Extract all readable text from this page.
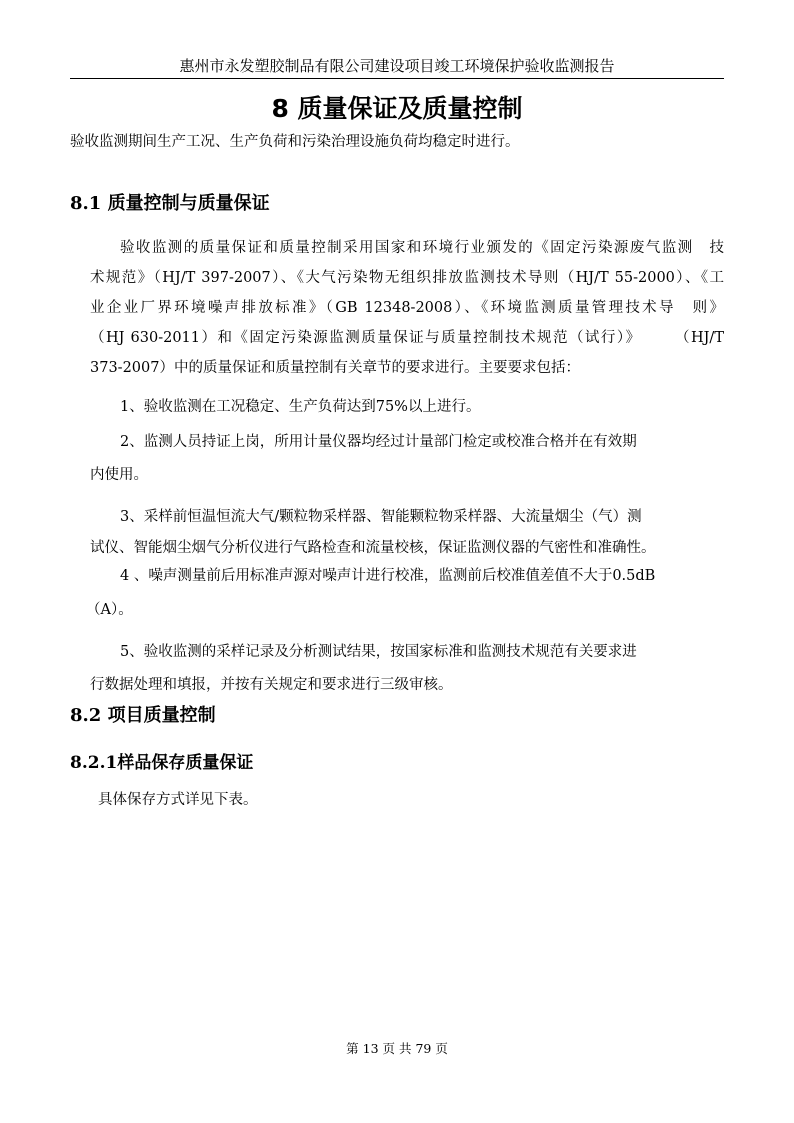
惠州市永发塑胶制品有限公司建设项目竣工环境保护验收监测报告
8 质量保证及质量控制
验收监测期间生产工况、生产负荷和污染治理设施负荷均稳定时进行。
8.1 质量控制与质量保证
验收监测的质量保证和质量控制采用国家和环境行业颁发的《固定污染源废气监测　技
术规范》（HJ/T 397-2007）、《大气污染物无组织排放监测技术导则（HJ/T 55-2000）、《工
业企业厂界环境噪声排放标准》（GB 12348-2008）、《环境监测质量管理技术导　则》
（HJ 630-2011）和《固定污染源监测质量保证与质量控制技术规范（试行）》　　　（HJ/T
373-2007）中的质量保证和质量控制有关章节的要求进行。主要要求包括：
1、验收监测在工况稳定、生产负荷达到75%以上进行。
2、监测人员持证上岗，所用计量仪器均经过计量部门检定或校准合格并在有效期
内使用。
3、采样前恒温恒流大气/颗粒物采样器、智能颗粒物采样器、大流量烟尘（气）测
试仪、智能烟尘烟气分析仪进行气路检查和流量校核，保证监测仪器的气密性和准确性。
4 、噪声测量前后用标准声源对噪声计进行校准，监测前后校准值差值不大于0.5dB
（A）。
5、验收监测的采样记录及分析测试结果，按国家标准和监测技术规范有关要求进
行数据处理和填报，并按有关规定和要求进行三级审核。
8.2 项目质量控制
8.2.1样品保存质量保证
具体保存方式详见下表。
第 13 页 共 79 页
